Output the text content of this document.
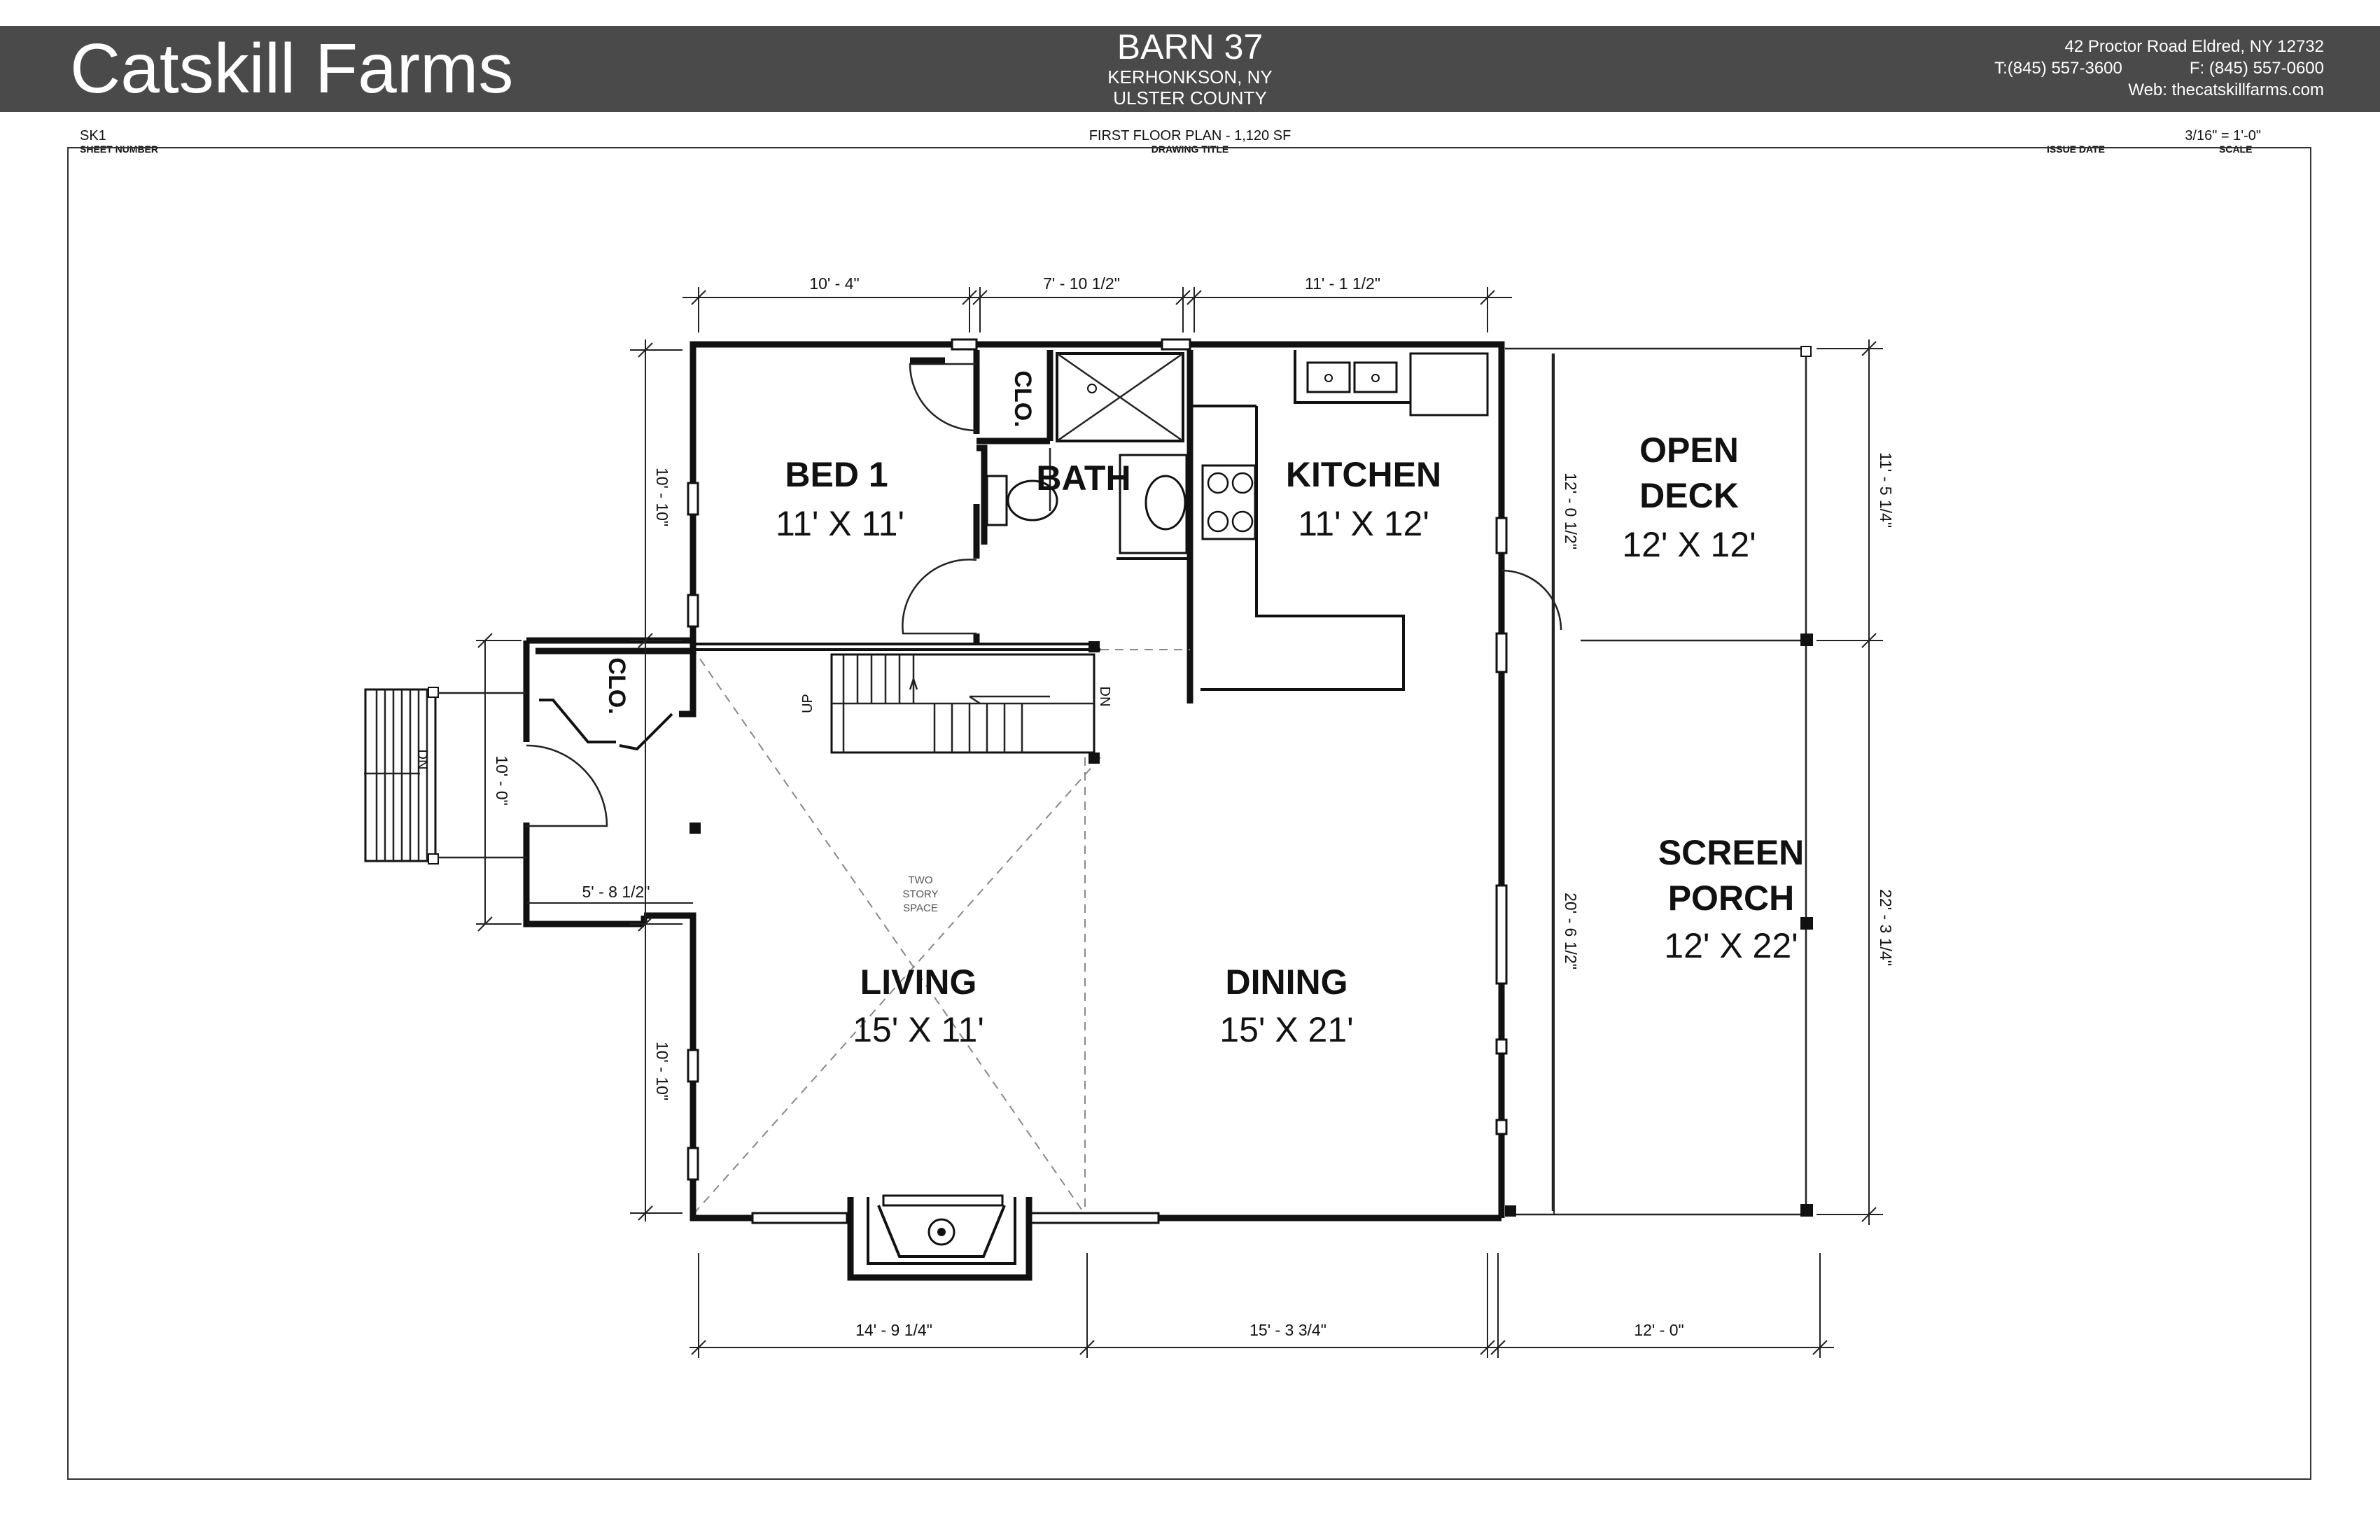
Catskill Farms	BARN 37
KERHONKSON, NY
ULSTER COUNTY
42 Proctor Road Eldred, NY 12732
T:(845) 557-3600	F: (845) 557-0600
Web: thecatskillfarms.com
SK1
SHEET NUMBER
FIRST FLOOR PLAN - 1,120 SF
DRAWING TITLE	ISSUE DATE
3/16" = 1'-0"
SCALE
BED 1
11' X 11'
BATH	KITCHEN
11' X 12'
OPEN
DECK
12' X 12'
SCREEN
PORCH
12' X 22'
LIVING
15' X 11'
DINING
15' X 21'
CLO.
CLO.
TWO
STORY
SPACE
UP	DN
DN
10' - 4"	7' - 10 1/2"	11' - 1 1/2"
14' - 9 1/4"	15' - 3 3/4"	12' - 0"
10' - 10"
10' - 10"
10' - 0"
5' - 8 1/2"
12' - 0 1/2"
20' - 6 1/2"
11' - 5 1/4"
22' - 3 1/4"
